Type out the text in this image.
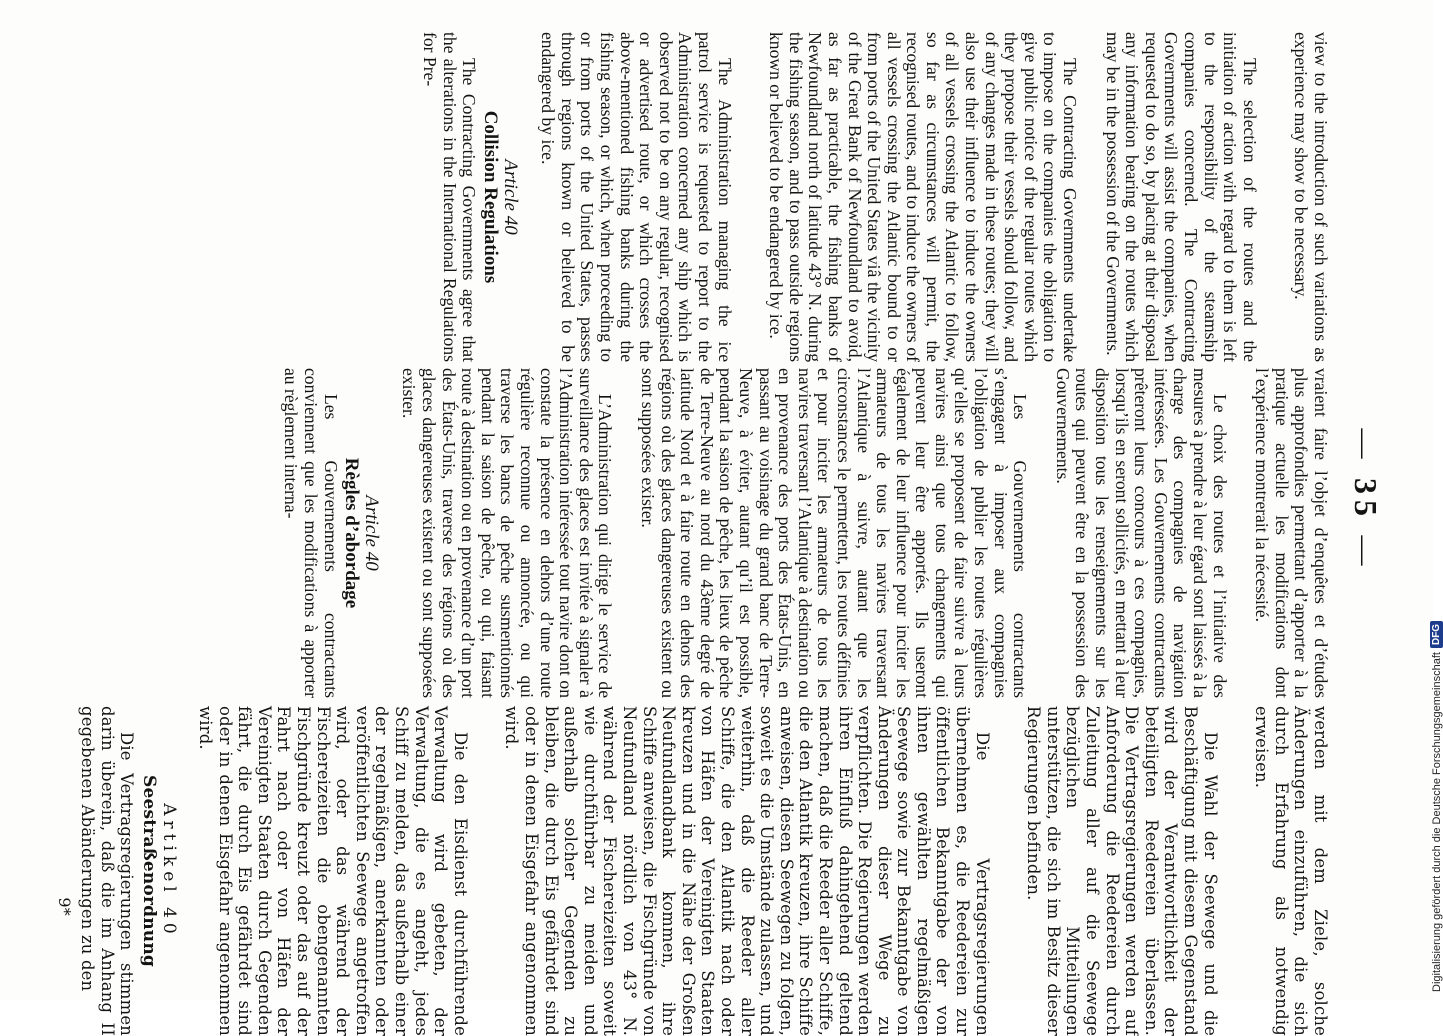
— 35 —

view to the introduction of such variations as experience may show to be necessary.

The selection of the routes and the initiation of action with regard to them is left to the responsibility of the steamship companies concerned. The Contracting Governments will assist the companies, when requested to do so, by placing at their disposal any information bearing on the routes which may be in the possession of the Governments.

The Contracting Governments undertake to impose on the companies the obligation to give public notice of the regular routes which they propose their vessels should follow, and of any changes made in these routes; they will also use their influence to induce the owners of all vessels crossing the Atlantic to follow, so far as circumstances will permit, the recognised routes, and to induce the owners of all vessels crossing the Atlantic bound to or from ports of the United States viâ the vicinity of the Great Bank of Newfoundland to avoid, as far as practicable, the fishing banks of Newfoundland north of latitude 43° N. during the fishing season, and to pass outside regions known or believed to be endangered by ice.

The Administration managing the ice patrol service is requested to report to the Administration concerned any ship which is observed not to be on any regular, recognised or advertised route, or which crosses the above-mentioned fishing banks during the fishing season, or which, when proceeding to or from ports of the United States, passes through regions known or believed to be endangered by ice.

Article 40
Collision Regulations

The Contracting Governments agree that the alterations in the International Regulations for Pre-

vraient faire l’objet d’enquêtes et d’études plus approfondies permettant d’apporter à la pratique actuelle les modifications dont l’expérience montrerait la nécessité.

Le choix des routes et l’initiative des mesures à prendre à leur égard sont laissés à la charge des compagnies de navigation intéressées. Les Gouvernements contractants prêteront leurs concours à ces compagnies, lorsqu’ils en seront sollicités, en mettant à leur disposition tous les renseignements sur les routes qui peuvent être en la possession des Gouvernements.

Les Gouvernements contractants s’engagent à imposer aux compagnies l’obligation de publier les routes régulières qu’elles se proposent de faire suivre à leurs navires ainsi que tous changements qui peuvent leur être apportés. Ils useront également de leur influence pour inciter les armateurs de tous les navires traversant l’Atlantique à suivre, autant que les circonstances le permettent, les routes définies et pour inciter les armateurs de tous les navires traversant l’Atlantique à destination ou en provenance des ports des États-Unis, en passant au voisinage du grand banc de Terre-Neuve, à éviter, autant qu’il est possible, pendant la saison de pêche, les lieux de pêche de Terre-Neuve au nord du 43ème degré de latitude Nord et à faire route en dehors des régions où des glaces dangereuses existent ou sont supposées exister.

L’Administration qui dirige le service de surveillance des glaces est invitée à signaler à l’Administration intéressée tout navire dont on constate la présence en dehors d’une route régulière reconnue ou annoncée, ou qui traverse les bancs de pêche susmentionnés pendant la saison de pêche, ou qui, faisant route à destination ou en provenance d’un port des États-Unis, traverse des régions où des glaces dangereuses existent ou sont supposées exister.

Article 40
Règles d’abordage

Les Gouvernements contractants conviennent que les modifications à apporter au règlement interna-

werden mit dem Ziele, solche Änderungen einzuführen, die sich durch Erfahrung als notwendig erweisen.

Die Wahl der Seewege und die Beschäftigung mit diesem Gegenstand wird der Verantwortlichkeit der beteiligten Reedereien überlassen. Die Vertragsregierungen werden auf Anforderung die Reedereien durch Zuleitung aller auf die Seewege bezüglichen Mitteilungen unterstützen, die sich im Besitz dieser Regierungen befinden.

Die Vertragsregierungen übernehmen es, die Reedereien zur öffentlichen Bekanntgabe der von ihnen gewählten regelmäßigen Seewege sowie zur Bekanntgabe von Änderungen dieser Wege zu verpflichten. Die Regierungen werden ihren Einfluß dahingehend geltend machen, daß die Reeder aller Schiffe, die den Atlantik kreuzen, ihre Schiffe anweisen, diesen Seewegen zu folgen, soweit es die Umstände zulassen, und weiterhin, daß die Reeder aller Schiffe, die den Atlantik nach oder von Häfen der Vereinigten Staaten kreuzen und in die Nähe der Großen Neufundlandbank kommen, ihre Schiffe anweisen, die Fischgründe von Neufundland nördlich von 43° N. während der Fischereizeiten soweit wie durchführbar zu meiden und außerhalb solcher Gegenden zu bleiben, die durch Eis gefährdet sind oder in denen Eisgefahr angenommen wird.

Die den Eisdienst durchführende Verwaltung wird gebeten, der Verwaltung, die es angeht, jedes Schiff zu melden, das außerhalb einer der regelmäßigen, anerkannten oder veröffentlichten Seewege angetroffen wird, oder das während der Fischereizeiten die obengenannten Fischgründe kreuzt oder das auf der Fahrt nach oder von Häfen der Vereinigten Staaten durch Gegenden fährt, die durch Eis gefährdet sind oder in denen Eisgefahr angenommen wird.

Artikel 40
Seestraßenordnung

Die Vertragsregierungen stimmen darin überein, daß die im Anhang II gegebenen Abänderungen zu den

9*	Digitalisierung gefördert durch die Deutsche Forschungsgemeinschaft
DFG
